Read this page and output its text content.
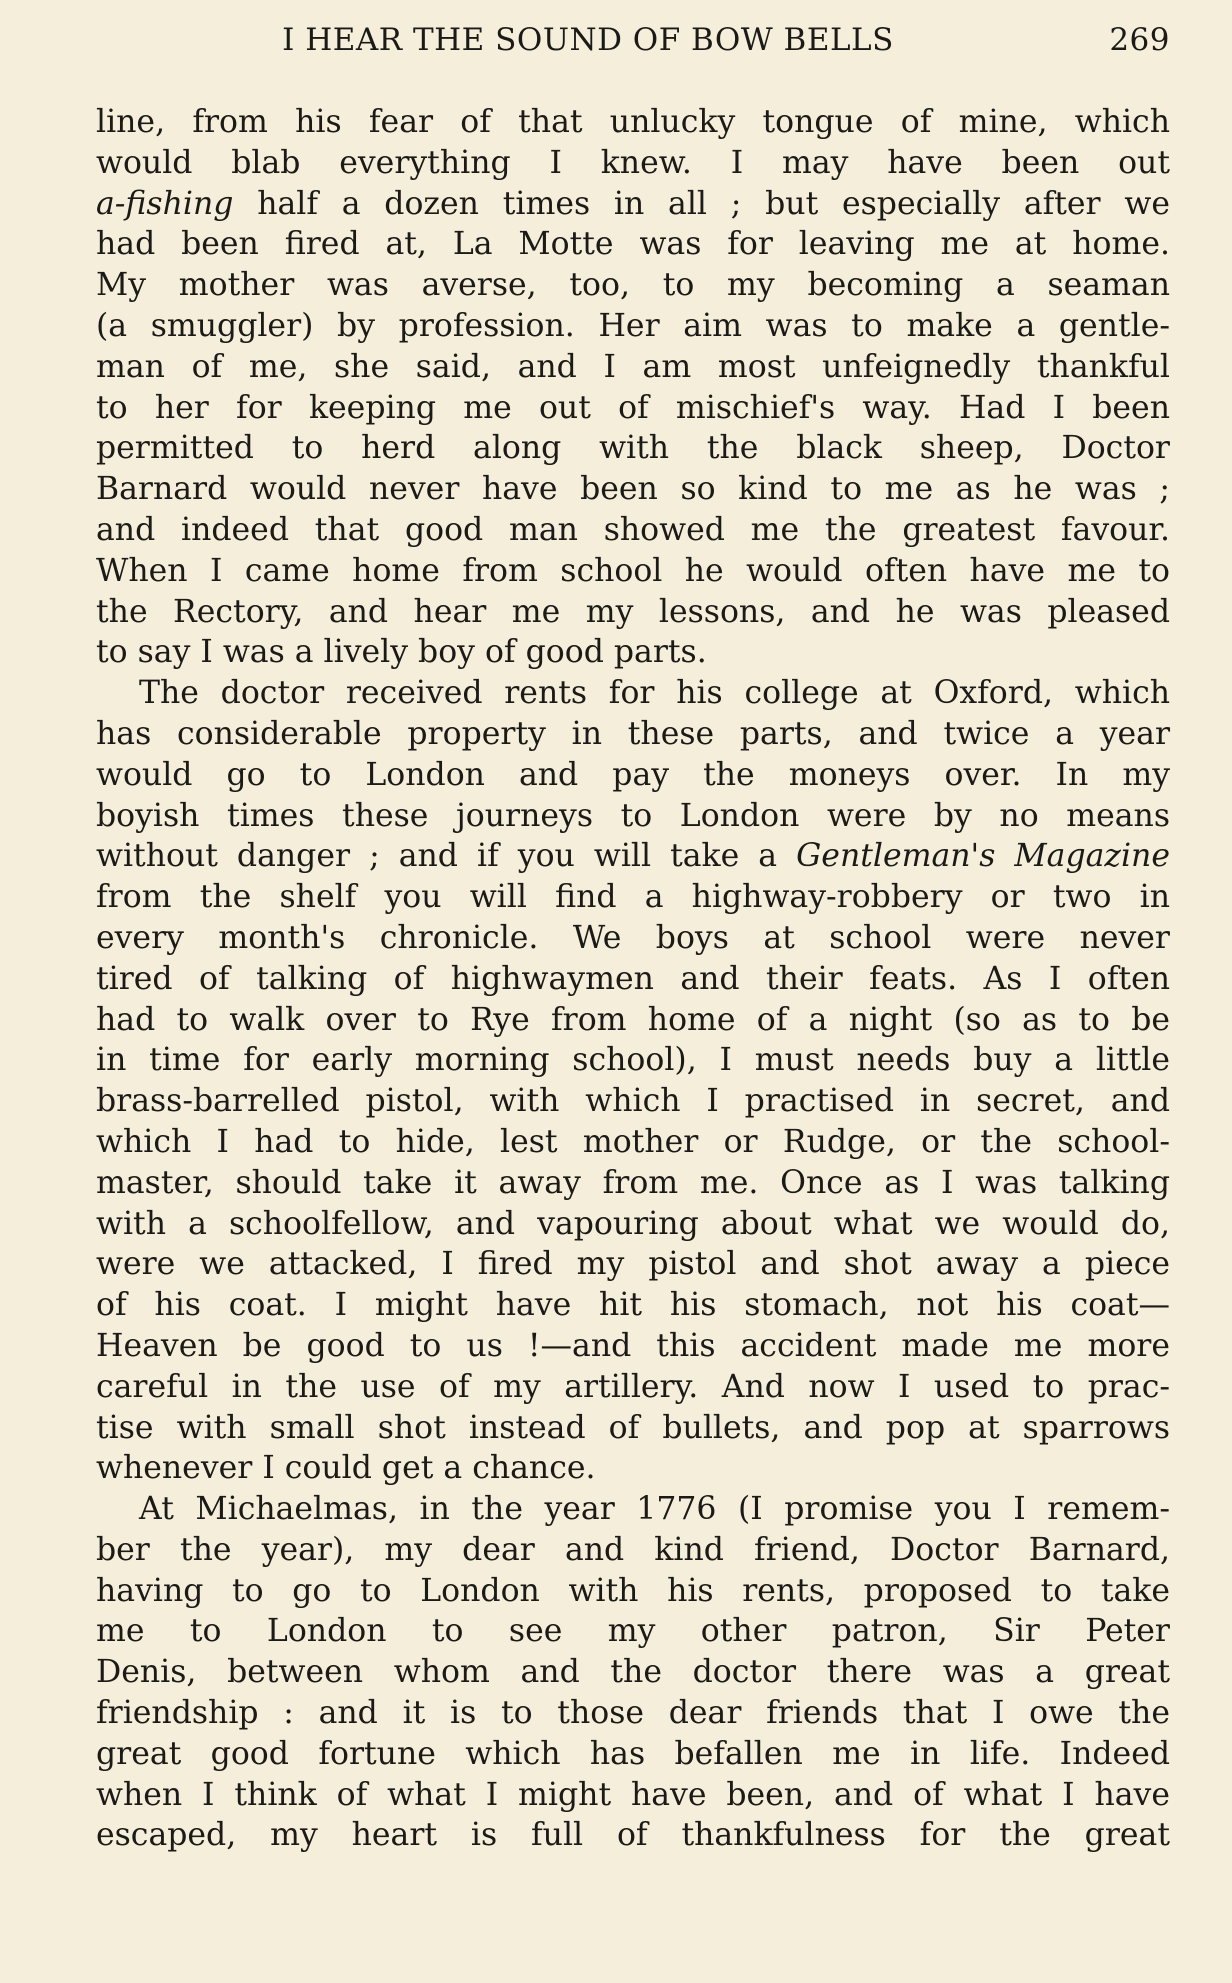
I HEAR THE SOUND OF BOW BELLS	269
line, from his fear of that unlucky tongue of mine, which
would blab everything I knew. I may have been out
a-fishing half a dozen times in all ; but especially after we
had been fired at, La Motte was for leaving me at home.
My mother was averse, too, to my becoming a seaman
(a smuggler) by profession. Her aim was to make a gentle-
man of me, she said, and I am most unfeignedly thankful
to her for keeping me out of mischief's way. Had I been
permitted to herd along with the black sheep, Doctor
Barnard would never have been so kind to me as he was ;
and indeed that good man showed me the greatest favour.
When I came home from school he would often have me to
the Rectory, and hear me my lessons, and he was pleased
to say I was a lively boy of good parts.
The doctor received rents for his college at Oxford, which
has considerable property in these parts, and twice a year
would go to London and pay the moneys over. In my
boyish times these journeys to London were by no means
without danger ; and if you will take a Gentleman's Magazine
from the shelf you will find a highway-robbery or two in
every month's chronicle. We boys at school were never
tired of talking of highwaymen and their feats. As I often
had to walk over to Rye from home of a night (so as to be
in time for early morning school), I must needs buy a little
brass-barrelled pistol, with which I practised in secret, and
which I had to hide, lest mother or Rudge, or the school-
master, should take it away from me. Once as I was talking
with a schoolfellow, and vapouring about what we would do,
were we attacked, I fired my pistol and shot away a piece
of his coat. I might have hit his stomach, not his coat—
Heaven be good to us !—and this accident made me more
careful in the use of my artillery. And now I used to prac-
tise with small shot instead of bullets, and pop at sparrows
whenever I could get a chance.
At Michaelmas, in the year 1776 (I promise you I remem-
ber the year), my dear and kind friend, Doctor Barnard,
having to go to London with his rents, proposed to take
me to London to see my other patron, Sir Peter
Denis, between whom and the doctor there was a great
friendship : and it is to those dear friends that I owe the
great good fortune which has befallen me in life. Indeed
when I think of what I might have been, and of what I have
escaped, my heart is full of thankfulness for the great
